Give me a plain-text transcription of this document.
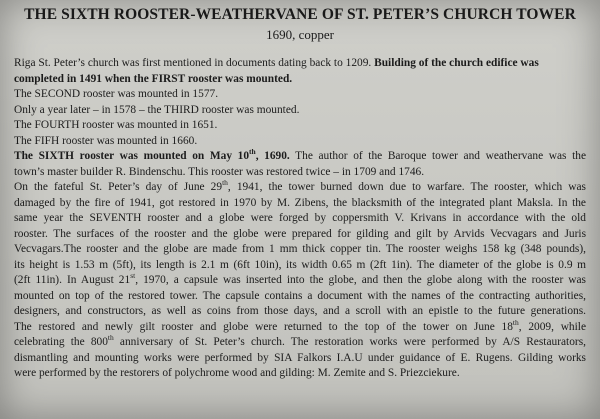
THE SIXTH ROOSTER-WEATHERVANE OF ST. PETER’S CHURCH TOWER
1690, copper

Riga St. Peter’s church was first mentioned in documents dating back to 1209. Building of the church edifice was

completed in 1491 when the FIRST rooster was mounted.

The SECOND rooster was mounted in 1577.

Only a year later – in 1578 – the THIRD rooster was mounted.

The FOURTH rooster was mounted in 1651.

The FIFH rooster was mounted in 1660.

The SIXTH rooster was mounted on May 10th, 1690. The author of the Baroque tower and weathervane was the

town’s master builder R. Bindenschu. This rooster was restored twice – in 1709 and 1746.

On the fateful St. Peter’s day of June 29th, 1941, the tower burned down due to warfare. The rooster, which was

damaged by the fire of 1941, got restored in 1970 by M. Zibens, the blacksmith of the integrated plant Maksla. In the

same year the SEVENTH rooster and a globe were forged by coppersmith V. Krivans in accordance with the old

rooster. The surfaces of the rooster and the globe were prepared for gilding and gilt by Arvids Vecvagars and Juris

Vecvagars.The rooster and the globe are made from 1 mm thick copper tin. The rooster weighs 158 kg (348 pounds),

its height is 1.53 m (5ft), its length is 2.1 m (6ft 10in), its width 0.65 m (2ft 1in). The diameter of the globe is 0.9 m

(2ft 11in). In August 21st, 1970, a capsule was inserted into the globe, and then the globe along with the rooster was

mounted on top of the restored tower. The capsule contains a document with the names of the contracting authorities,

designers, and constructors, as well as coins from those days, and a scroll with an epistle to the future generations.

The restored and newly gilt rooster and globe were returned to the top of the tower on June 18th, 2009, while

celebrating the 800th anniversary of St. Peter’s church. The restoration works were performed by A/S Restaurators,

dismantling and mounting works were performed by SIA Falkors I.A.U under guidance of E. Rugens. Gilding works

were performed by the restorers of polychrome wood and gilding: M. Zemite and S. Priezciekure.
